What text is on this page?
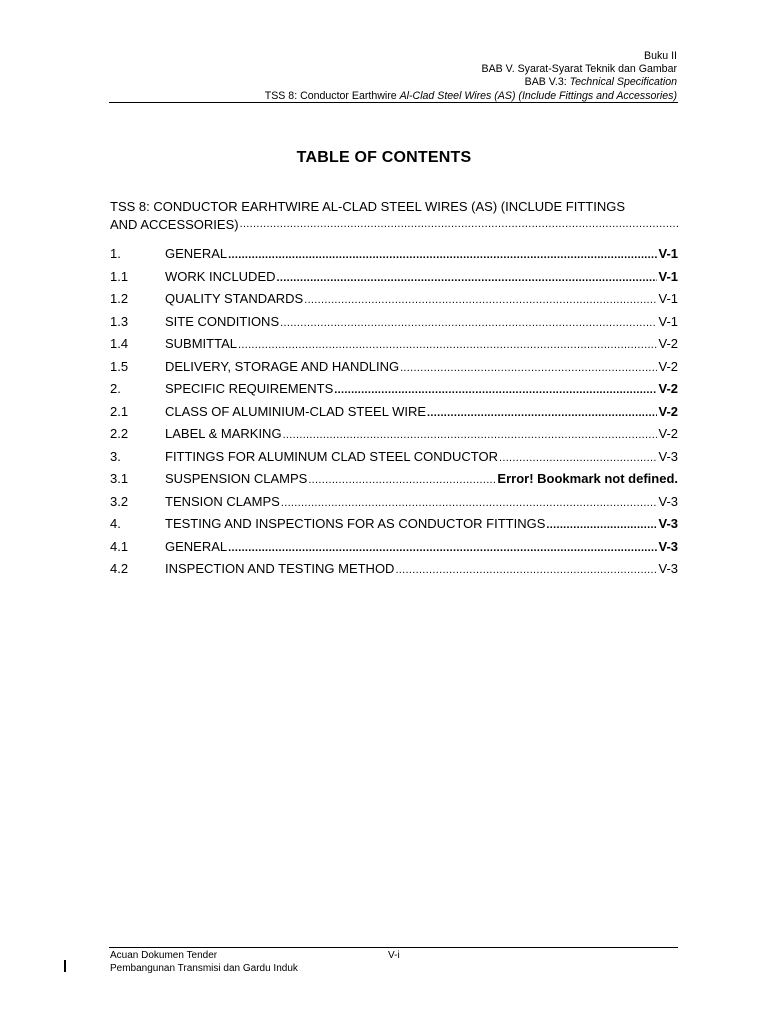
Buku II
BAB V. Syarat-Syarat Teknik dan Gambar
BAB V.3: Technical Specification
TSS 8: Conductor Earthwire Al-Clad Steel Wires (AS) (Include Fittings and Accessories)
TABLE OF CONTENTS
TSS 8: CONDUCTOR EARHTWIRE AL-CLAD STEEL WIRES (AS) (INCLUDE FITTINGS
AND ACCESSORIES)
.....
1.	GENERAL .....	V-1
1.1	WORK INCLUDED .....	V-1
1.2	QUALITY STANDARDS .....	V-1
1.3	SITE CONDITIONS .....	V-1
1.4	SUBMITTAL .....	V-2
1.5	DELIVERY, STORAGE AND HANDLING .....	V-2
2.	SPECIFIC REQUIREMENTS .....	V-2
2.1	CLASS OF ALUMINIUM-CLAD STEEL WIRE .....	V-2
2.2	LABEL & MARKING .....	V-2
3.	FITTINGS FOR ALUMINUM CLAD STEEL CONDUCTOR .....	V-3
3.1	SUSPENSION CLAMPS .....	Error! Bookmark not defined.
3.2	TENSION CLAMPS .....	V-3
4.	TESTING AND INSPECTIONS FOR AS CONDUCTOR FITTINGS .....	V-3
4.1	GENERAL .....	V-3
4.2	INSPECTION AND TESTING METHOD .....	V-3
Acuan Dokumen Tender
Pembangunan Transmisi dan Gardu Induk
V-i
